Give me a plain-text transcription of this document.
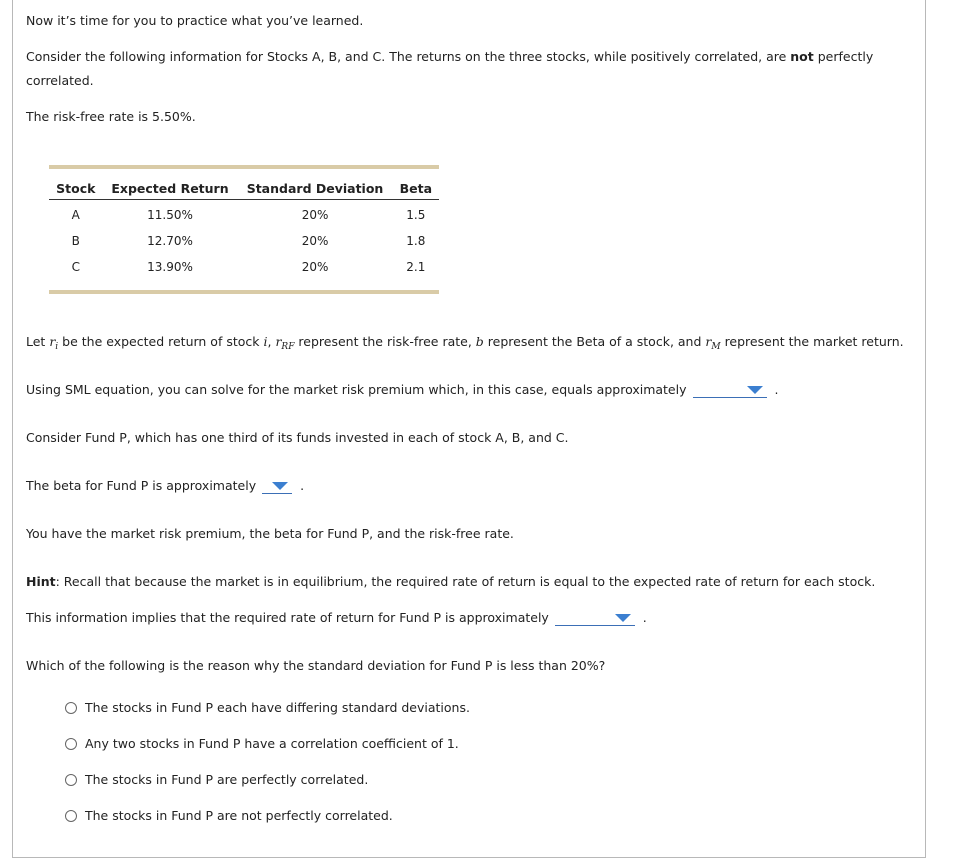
Now it’s time for you to practice what you’ve learned.

Consider the following information for Stocks A, B, and C. The returns on the three stocks, while positively correlated, are not perfectly

correlated.

The risk-free rate is 5.50%.

Stock	Expected Return	Standard Deviation	Beta
A	11.50%	20%	1.5
B	12.70%	20%	1.8
C	13.90%	20%	2.1

Let $r_i$ be the expected return of stock i, $r_{RF}$ represent the risk-free rate, b represent the Beta of a stock, and $r_M$ represent the market return.

Using SML equation, you can solve for the market risk premium which, in this case, equals approximately	.

Consider Fund P, which has one third of its funds invested in each of stock A, B, and C.

The beta for Fund P is approximately	.

You have the market risk premium, the beta for Fund P, and the risk-free rate.

Hint: Recall that because the market is in equilibrium, the required rate of return is equal to the expected rate of return for each stock.

This information implies that the required rate of return for Fund P is approximately	.

Which of the following is the reason why the standard deviation for Fund P is less than 20%?

The stocks in Fund P each have differing standard deviations.
Any two stocks in Fund P have a correlation coefficient of 1.
The stocks in Fund P are perfectly correlated.
The stocks in Fund P are not perfectly correlated.
